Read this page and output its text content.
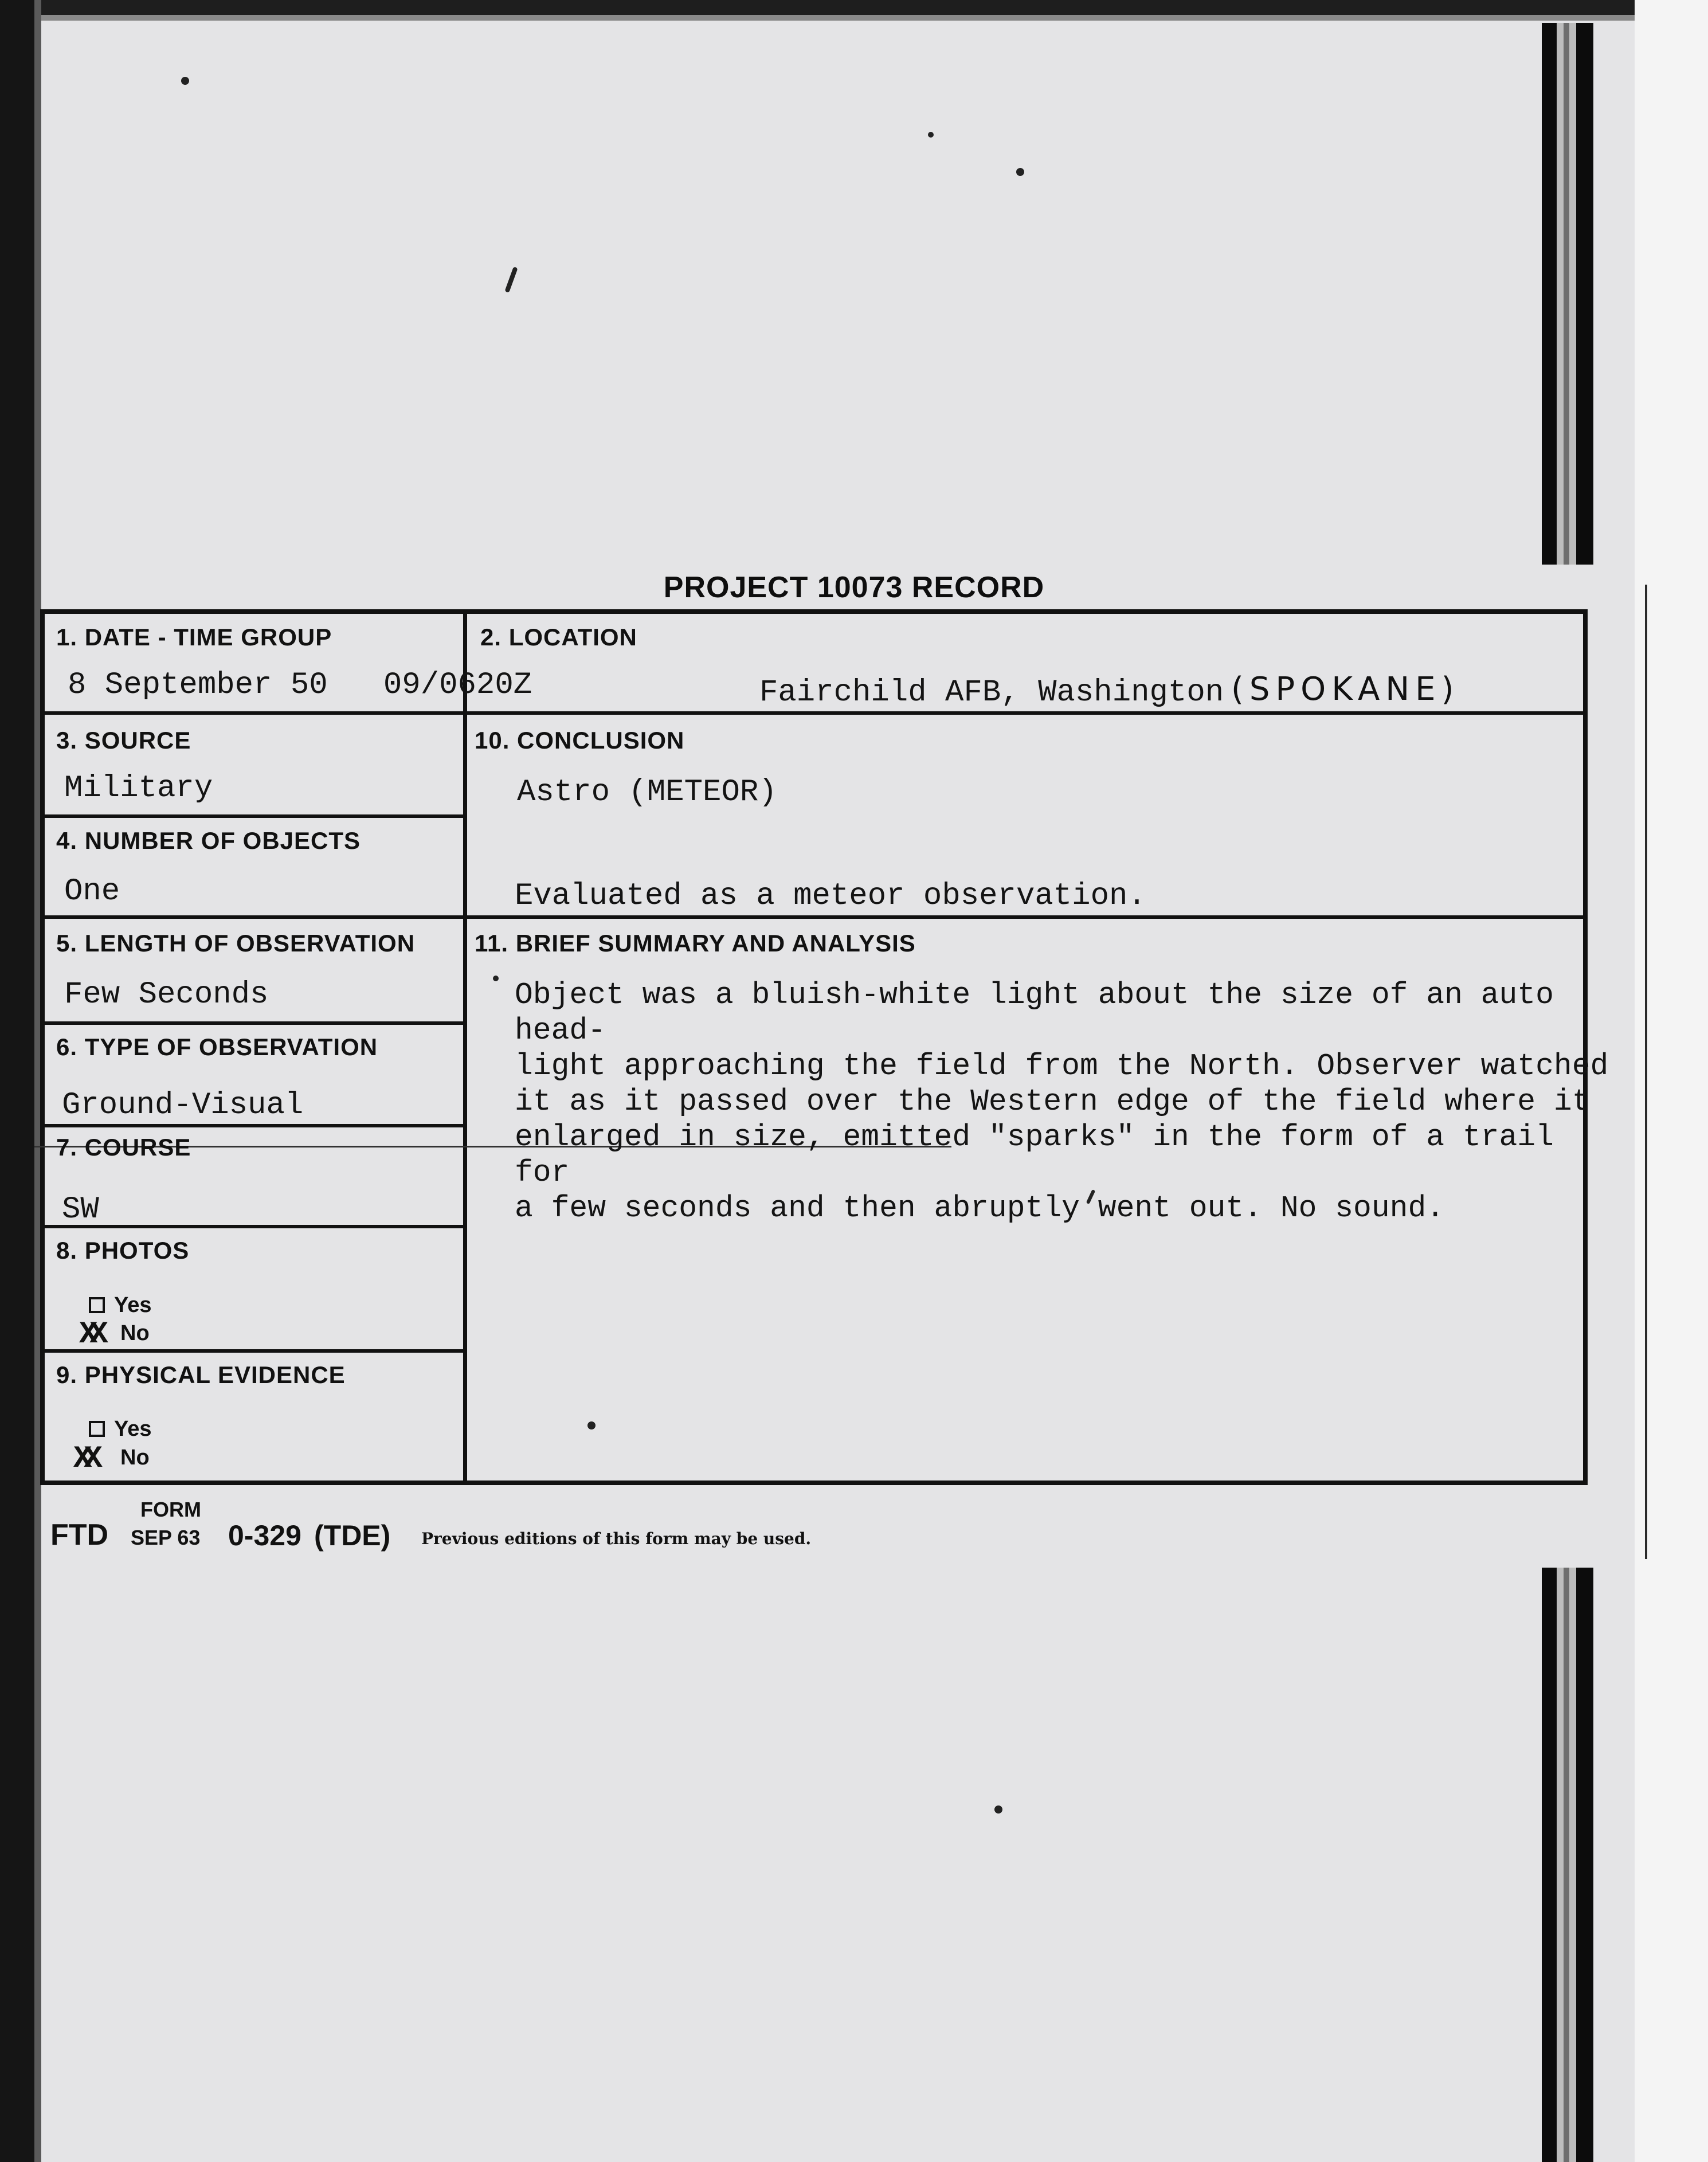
PROJECT 10073 RECORD
1. DATE - TIME GROUP
8 September 50   09/0620Z
2. LOCATION
Fairchild AFB, Washington (SPOKANE)
3. SOURCE
Military
10. CONCLUSION
Astro (METEOR)
Evaluated as a meteor observation.
4. NUMBER OF OBJECTS
One
5. LENGTH OF OBSERVATION
Few Seconds
11. BRIEF SUMMARY AND ANALYSIS
Object was a bluish-white light about the size of an auto head-
light approaching the field from the North. Observer watched
it as it passed over the Western edge of the field where it
enlarged in size, emitted "sparks" in the form of a trail for
a few seconds and then abruptly went out. No sound.
6. TYPE OF OBSERVATION
Ground-Visual
7. COURSE
SW
8. PHOTOS
Yes
XX No
9. PHYSICAL EVIDENCE
Yes
XX No
FORM
FTD SEP 63 0-329 (TDE) Previous editions of this form may be used.
